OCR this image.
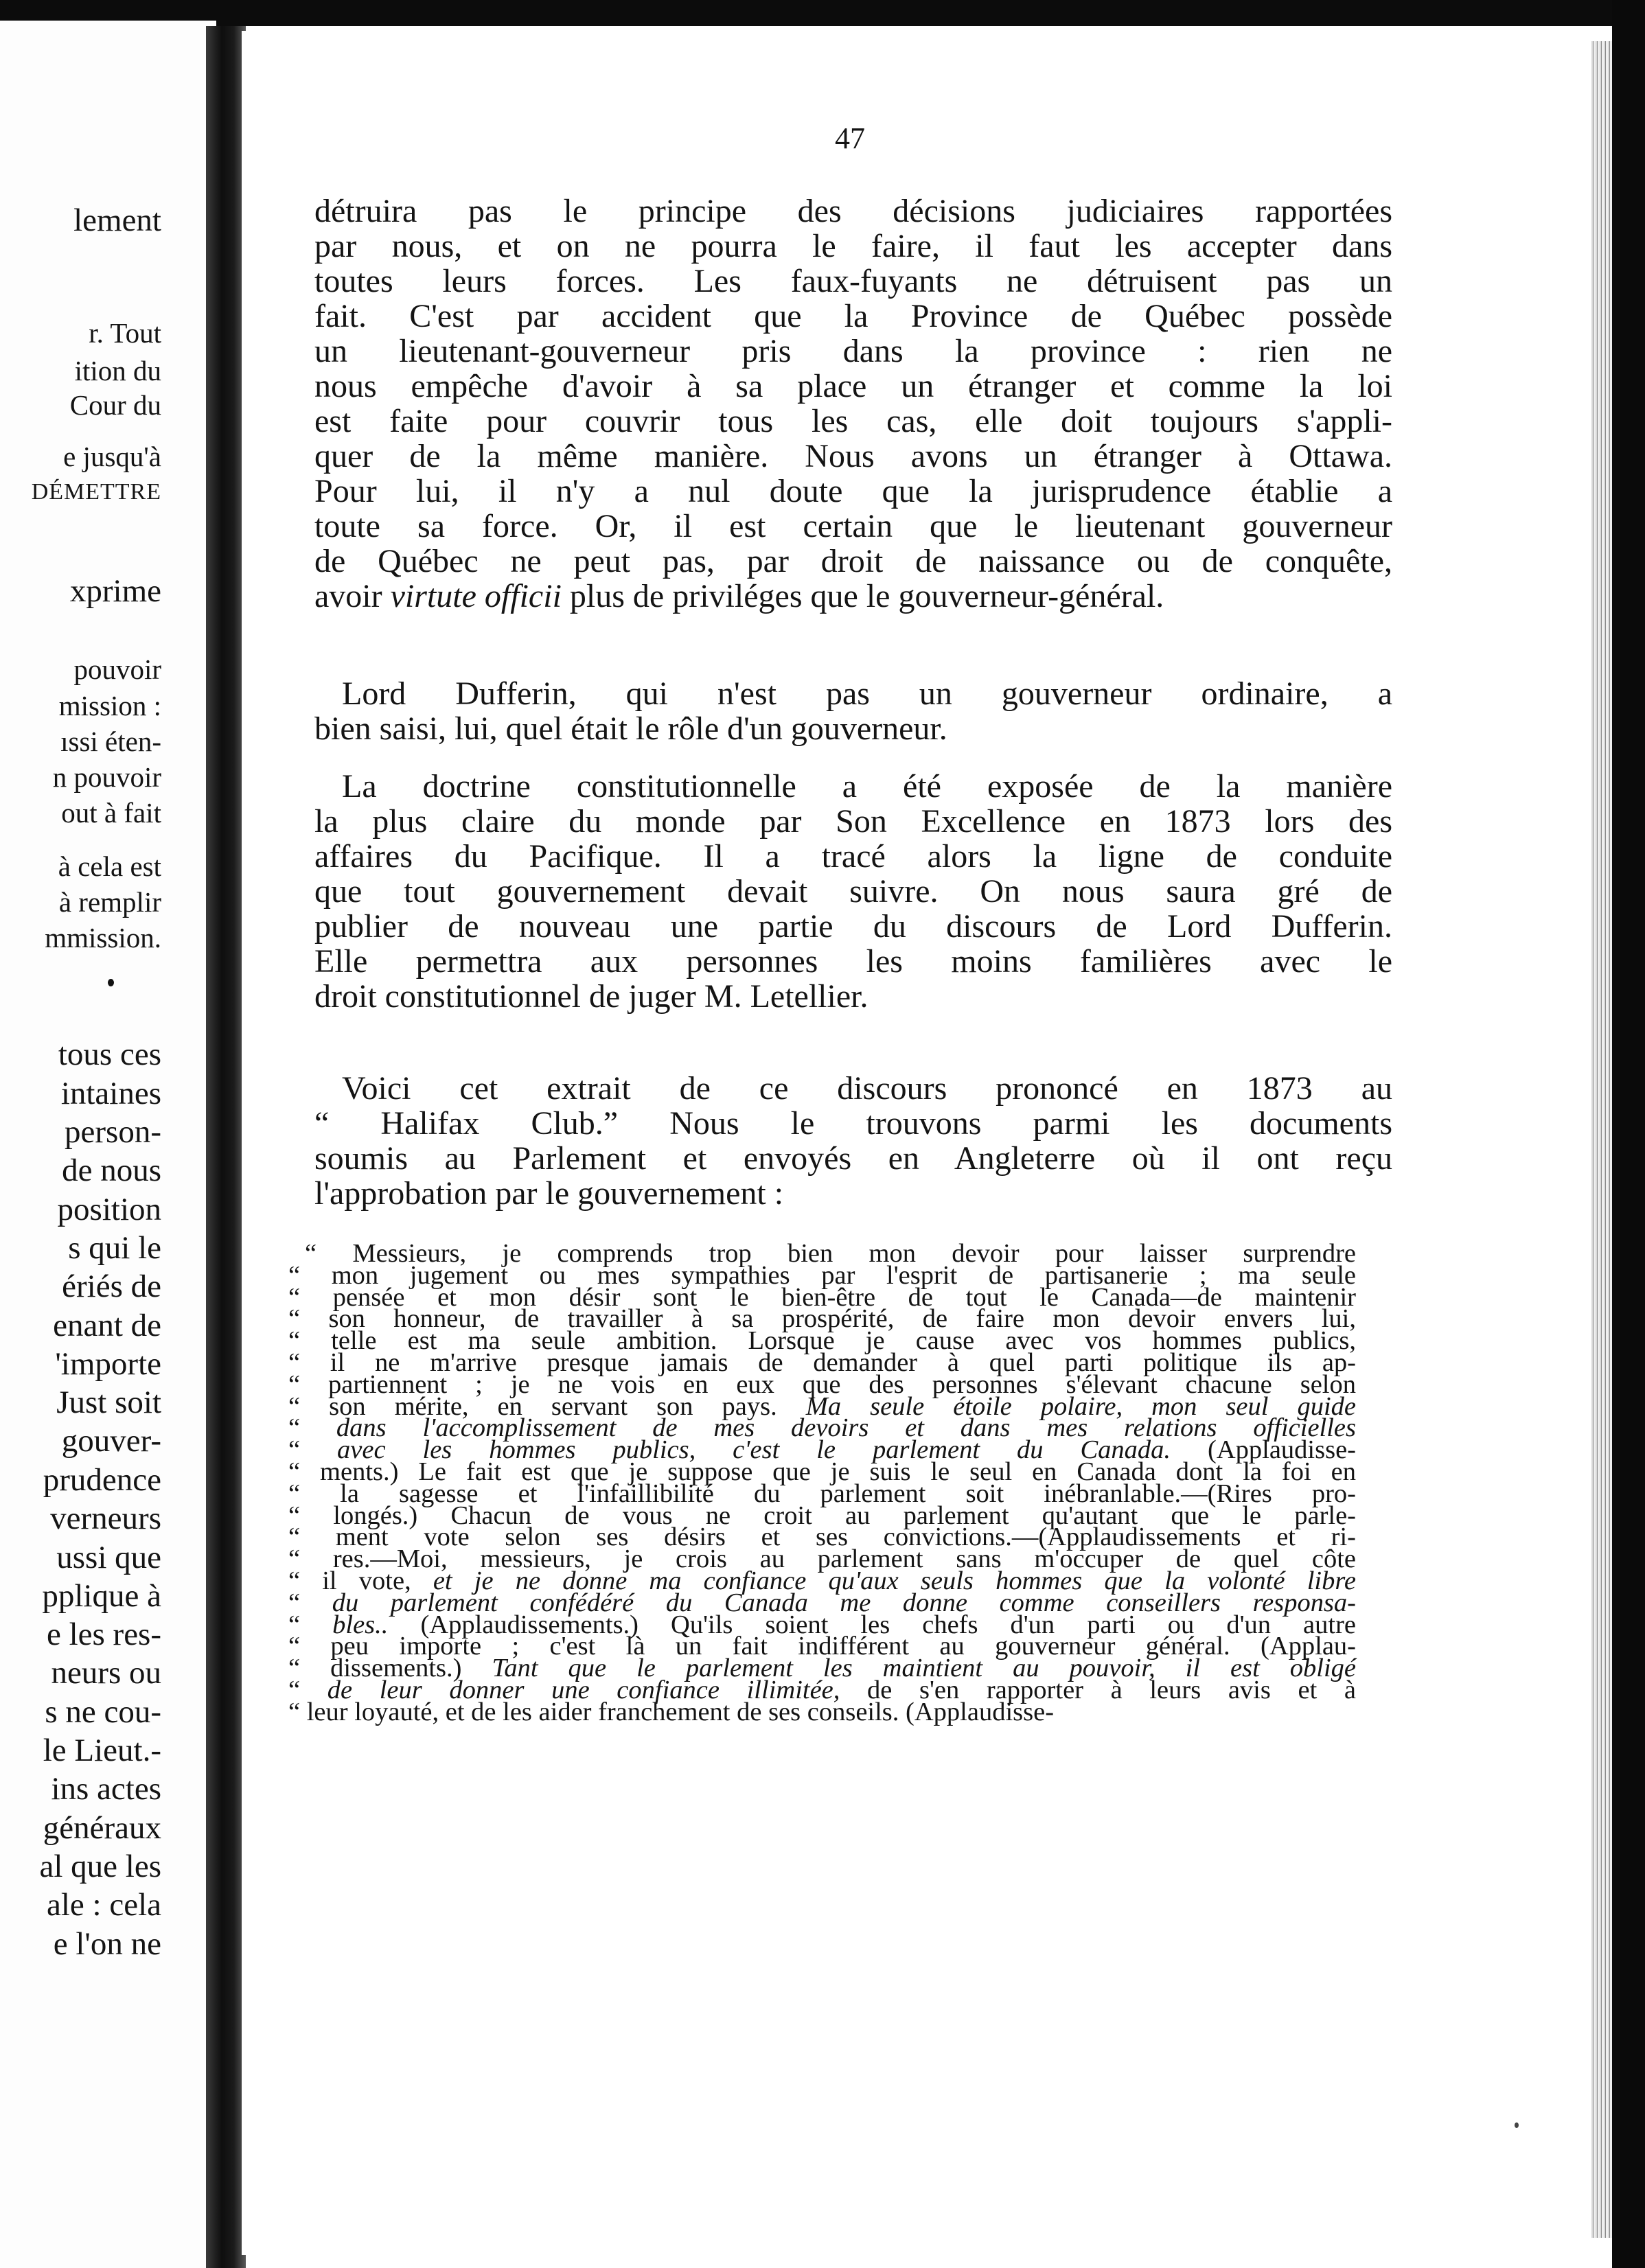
lement
r. Tout
ition du
Cour du
e jusqu'à
DÉMETTRE
xprime
pouvoir
mission :
ıssi éten-
n pouvoir
out à fait
à cela est
à remplir
mmission.
tous ces
intaines
person-
de nous
position
s qui le
ériés de
enant de
'importe
Just soit
gouver-
prudence
verneurs
ussi que
pplique à
e les res-
neurs ou
s ne cou-
le Lieut.-
ins actes
généraux
al que les
ale : cela
e l'on ne
47
détruira pas le principe des décisions judiciaires rapportées
par nous, et on ne pourra le faire, il faut les accepter dans
toutes leurs forces. Les faux-fuyants ne détruisent pas un
fait. C'est par accident que la Province de Québec possède
un lieutenant-gouverneur pris dans la province : rien ne
nous empêche d'avoir à sa place un étranger et comme la loi
est faite pour couvrir tous les cas, elle doit toujours s'appli-
quer de la même manière. Nous avons un étranger à Ottawa.
Pour lui, il n'y a nul doute que la jurisprudence établie a
toute sa force. Or, il est certain que le lieutenant gouverneur
de Québec ne peut pas, par droit de naissance ou de conquête,
avoir virtute officii plus de priviléges que le gouverneur-général.
Lord Dufferin, qui n'est pas un gouverneur ordinaire, a
bien saisi, lui, quel était le rôle d'un gouverneur.
La doctrine constitutionnelle a été exposée de la manière
la plus claire du monde par Son Excellence en 1873 lors des
affaires du Pacifique. Il a tracé alors la ligne de conduite
que tout gouvernement devait suivre. On nous saura gré de
publier de nouveau une partie du discours de Lord Dufferin.
Elle permettra aux personnes les moins familières avec le
droit constitutionnel de juger M. Letellier.
Voici cet extrait de ce discours prononcé en 1873 au
“ Halifax Club.” Nous le trouvons parmi les documents
soumis au Parlement et envoyés en Angleterre où il ont reçu
l'approbation par le gouvernement :
“ Messieurs, je comprends trop bien mon devoir pour laisser surprendre
“ mon jugement ou mes sympathies par l'esprit de partisanerie ; ma seule
“ pensée et mon désir sont le bien-être de tout le Canada—de maintenir
“ son honneur, de travailler à sa prospérité, de faire mon devoir envers lui,
“ telle est ma seule ambition. Lorsque je cause avec vos hommes publics,
“ il ne m'arrive presque jamais de demander à quel parti politique ils ap-
“ partiennent ; je ne vois en eux que des personnes s'élevant chacune selon
“ son mérite, en servant son pays. Ma seule étoile polaire, mon seul guide
“ dans l'accomplissement de mes devoirs et dans mes relations officielles
“ avec les hommes publics, c'est le parlement du Canada. (Applaudisse-
“ ments.) Le fait est que je suppose que je suis le seul en Canada dont la foi en
“ la sagesse et l'infaillibilité du parlement soit inébranlable.—(Rires pro-
“ longés.) Chacun de vous ne croit au parlement qu'autant que le parle-
“ ment vote selon ses désirs et ses convictions.—(Applaudissements et ri-
“ res.—Moi, messieurs, je crois au parlement sans m'occuper de quel côte
“ il vote, et je ne donne ma confiance qu'aux seuls hommes que la volonté libre
“ du parlement confédéré du Canada me donne comme conseillers responsa-
“ bles.. (Applaudissements.) Qu'ils soient les chefs d'un parti ou d'un autre
“ peu importe ; c'est là un fait indifférent au gouverneur général. (Applau-
“ dissements.) Tant que le parlement les maintient au pouvoir, il est obligé
“ de leur donner une confiance illimitée, de s'en rapporter à leurs avis et à
“ leur loyauté, et de les aider franchement de ses conseils. (Applaudisse-
